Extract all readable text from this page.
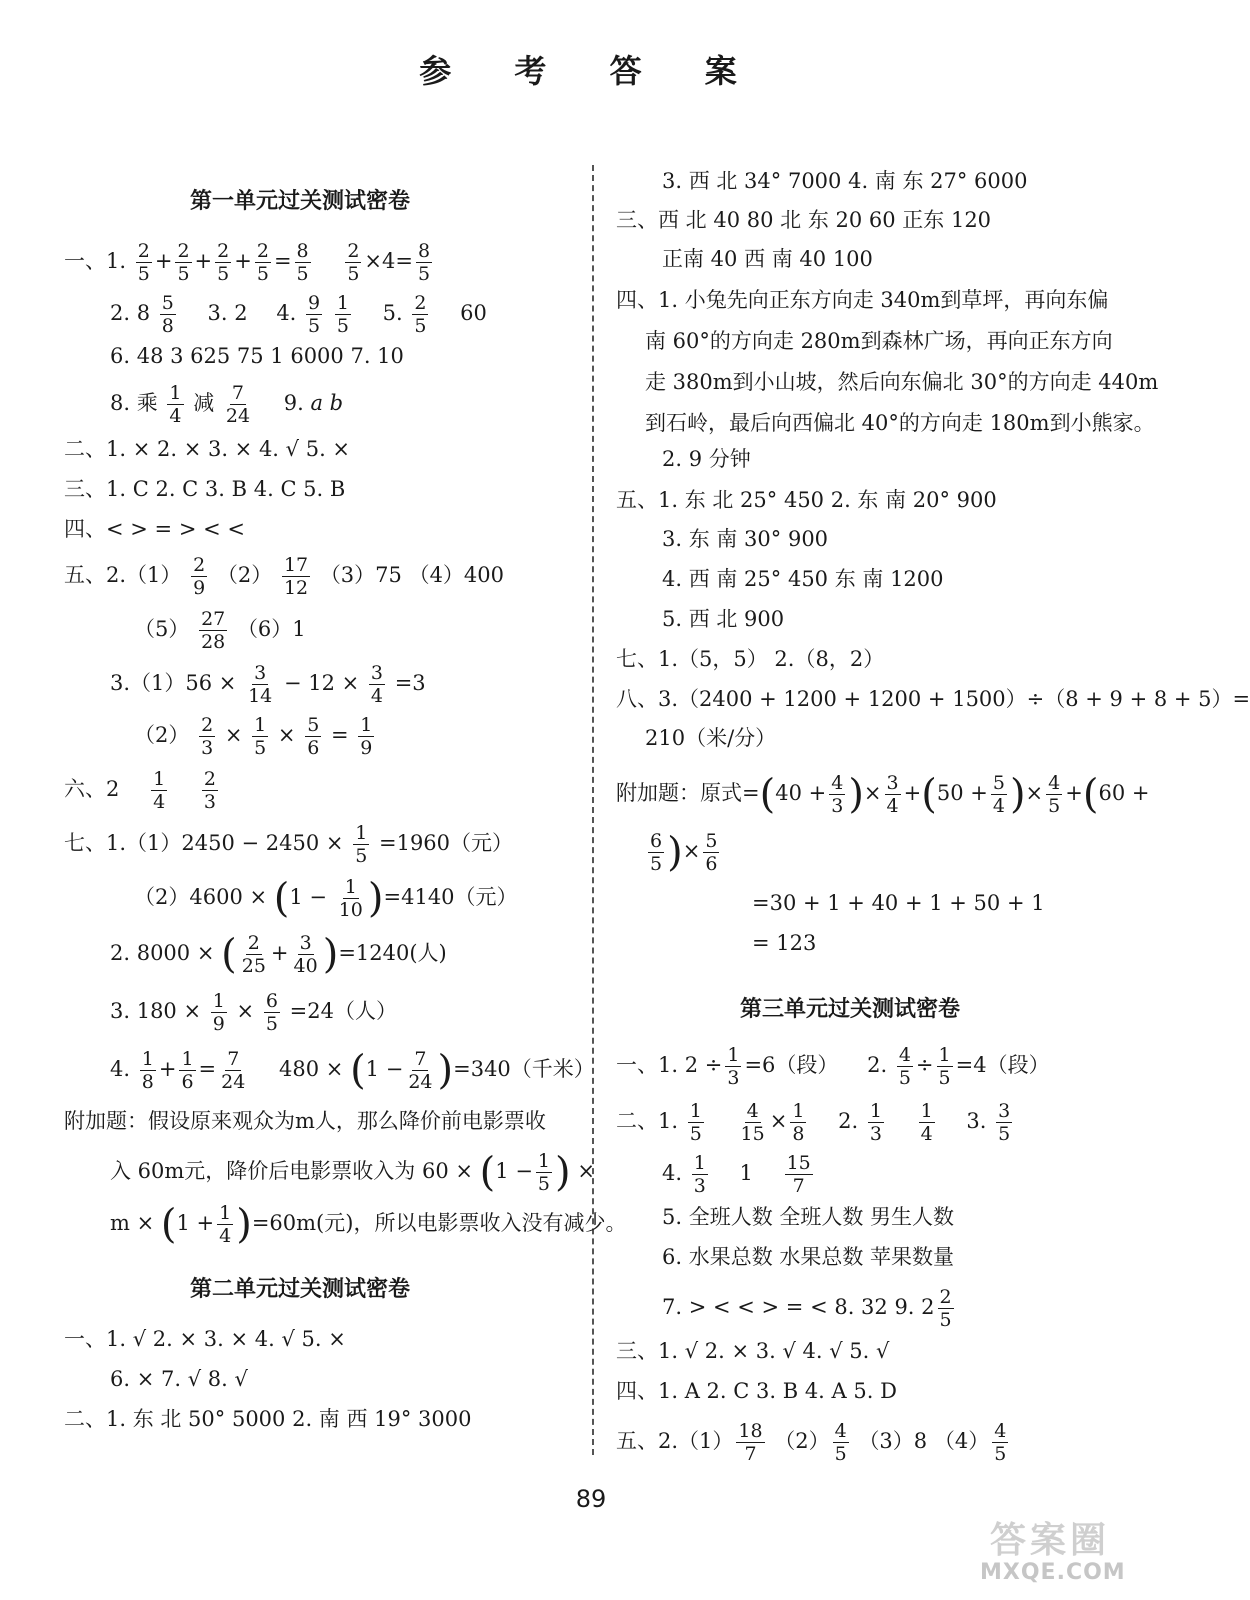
参 考 答 案
第一单元过关测试密卷
一、1. $\frac{2}{5} + \frac{2}{5} + \frac{2}{5} + \frac{2}{5} = \frac{8}{5}$
$\frac{2}{5} \times 4= \frac{8}{5}$
2. $8 \frac{5}{8} 3$. 2 4. $\frac{9}{5}$
$\frac{1}{5} 5$. $\frac{2}{5} 60$
6. 48 3 625 75 1 6000 7. 10
8. 乘 $\frac{1}{4}$ 减 $\frac{7}{24} 9$. a b
二、1. × 2. × 3. × 4. √ 5. ×
三、1. C 2. C 3. B 4. C 5. B
四、< > = > < <
五、$2.(1) \frac{2}{9} (2) \frac{17}{12} (3)75$ （4）400
$(5) \frac{27}{28} (6)1$
$3.(1)56 \times \frac{3}{14} - 12 \times \frac{3}{4} =3$
$(2) \frac{2}{3} \times \frac{1}{5} \times \frac{5}{6} = \frac{1}{9}$
六、$2 \frac{1}{4}$
$\frac{2}{3}$
七、$1.(1)2450 - 2450 \times \frac{1}{5} =1960$（元）
$(2)4600 \times (1 - \frac{1}{10} )=4140$（元）
2. 8000 × ( $\frac{2}{25} + \frac{3}{40} )=1240$(人)
3. $180 \times \frac{1}{9} \times \frac{6}{5} =24$（人）
4. $\frac{1}{8} + \frac{1}{6} = \frac{7}{24} 480 \times (1 - \frac{7}{24} )=340$（千米）
附加题：假设原来观众为m人，那么降价前电影票收
入 60m元，降价后电影票收入为 $60 \times (1 - \frac{1}{5}$ ) ×
$m \times (1 + \frac{1}{4} )=60m$(元)，所以电影票收入没有减少。
第二单元过关测试密卷
一、1. √ 2. × 3. × 4. √ 5. ×
6. × 7. √ 8. √
二、1. 东 北 50° 5000 2. 南 西 19° 3000
3. 西 北 34° 7000 4. 南 东 27° 6000
三、西 北 40 80 北 东 20 60 正东 120
正南 40 西 南 40 100
四、1. 小兔先向正东方向走 340m到草坪，再向东偏
南 60°的方向走 280m到森林广场，再向正东方向
走 380m到小山坡，然后向东偏北 30°的方向走 440m
到石岭，最后向西偏北 40°的方向走 180m到小熊家。
2. 9 分钟
五、1. 东 北 25° 450 2. 东 南 20° 900
3. 东 南 30° 900
4. 西 南 25° 450 东 南 1200
5. 西 北 900
七、1.（5，5） 2.（8，2）
八、3.（2400 + 1200 + 1200 + 1500）÷（8 + 9 + 8 + 5）=
210（米/分）
附加题：原式$=(40 + \frac{4}{3}$ )× $\frac{3}{4} +(50 + \frac{5}{4}$ )× $\frac{4}{5} +(60$ +
$\frac{6}{5}$ )× $\frac{5}{6}$
=30 + 1 + 40 + 1 + 50 + 1
= 123
第三单元过关测试密卷
一、1. $2 \div \frac{1}{3} =6$（段） 2. $\frac{4}{5} \div \frac{1}{5} =4$（段）
二、1. $\frac{1}{5}$
$\frac{4}{15} \times \frac{1}{8} 2$. $\frac{1}{3}$
$\frac{1}{4} 3$. $\frac{3}{5}$
4. $\frac{1}{3} 1 \frac{15}{7}$
5. 全班人数 全班人数 男生人数
6. 水果总数 水果总数 苹果数量
7. > < < > = < 8. 32 9. $2 \frac{2}{5}$
三、1. √ 2. × 3. √ 4. √ 5. √
四、1. A 2. C 3. B 4. A 5. D
五、$2.(1) \frac{18}{7} (2) \frac{4}{5} (3)8$ $(4) \frac{4}{5}$
89
答案圈
MXQE.COM
